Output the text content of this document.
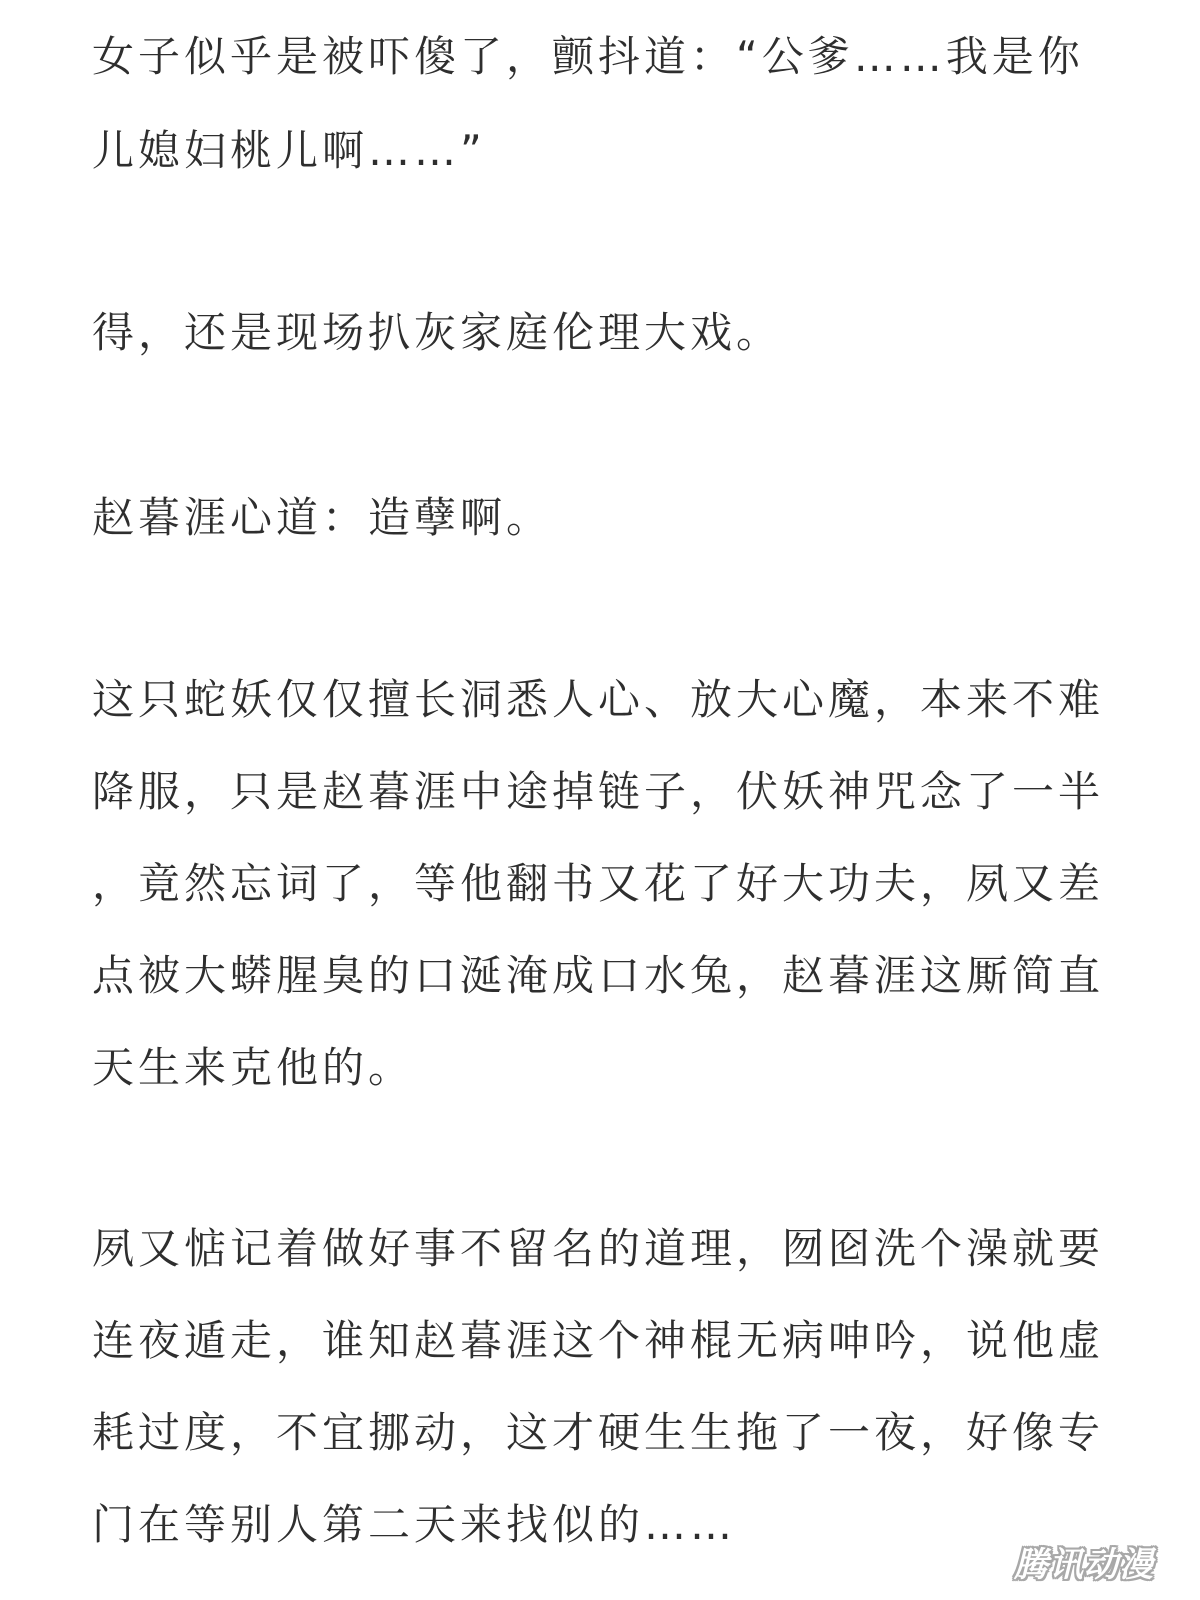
女子似乎是被吓傻了，颤抖道：“公爹……我是你
儿媳妇桃儿啊……”
得，还是现场扒灰家庭伦理大戏。
赵暮涯心道：造孽啊。
这只蛇妖仅仅擅长洞悉人心、放大心魔，本来不难
降服，只是赵暮涯中途掉链子，伏妖神咒念了一半
，竟然忘词了，等他翻书又花了好大功夫，夙又差
点被大蟒腥臭的口涎淹成口水兔，赵暮涯这厮简直
天生来克他的。
夙又惦记着做好事不留名的道理，囫囵洗个澡就要
连夜遁走，谁知赵暮涯这个神棍无病呻吟，说他虚
耗过度，不宜挪动，这才硬生生拖了一夜，好像专
门在等别人第二天来找似的……
腾讯动漫
